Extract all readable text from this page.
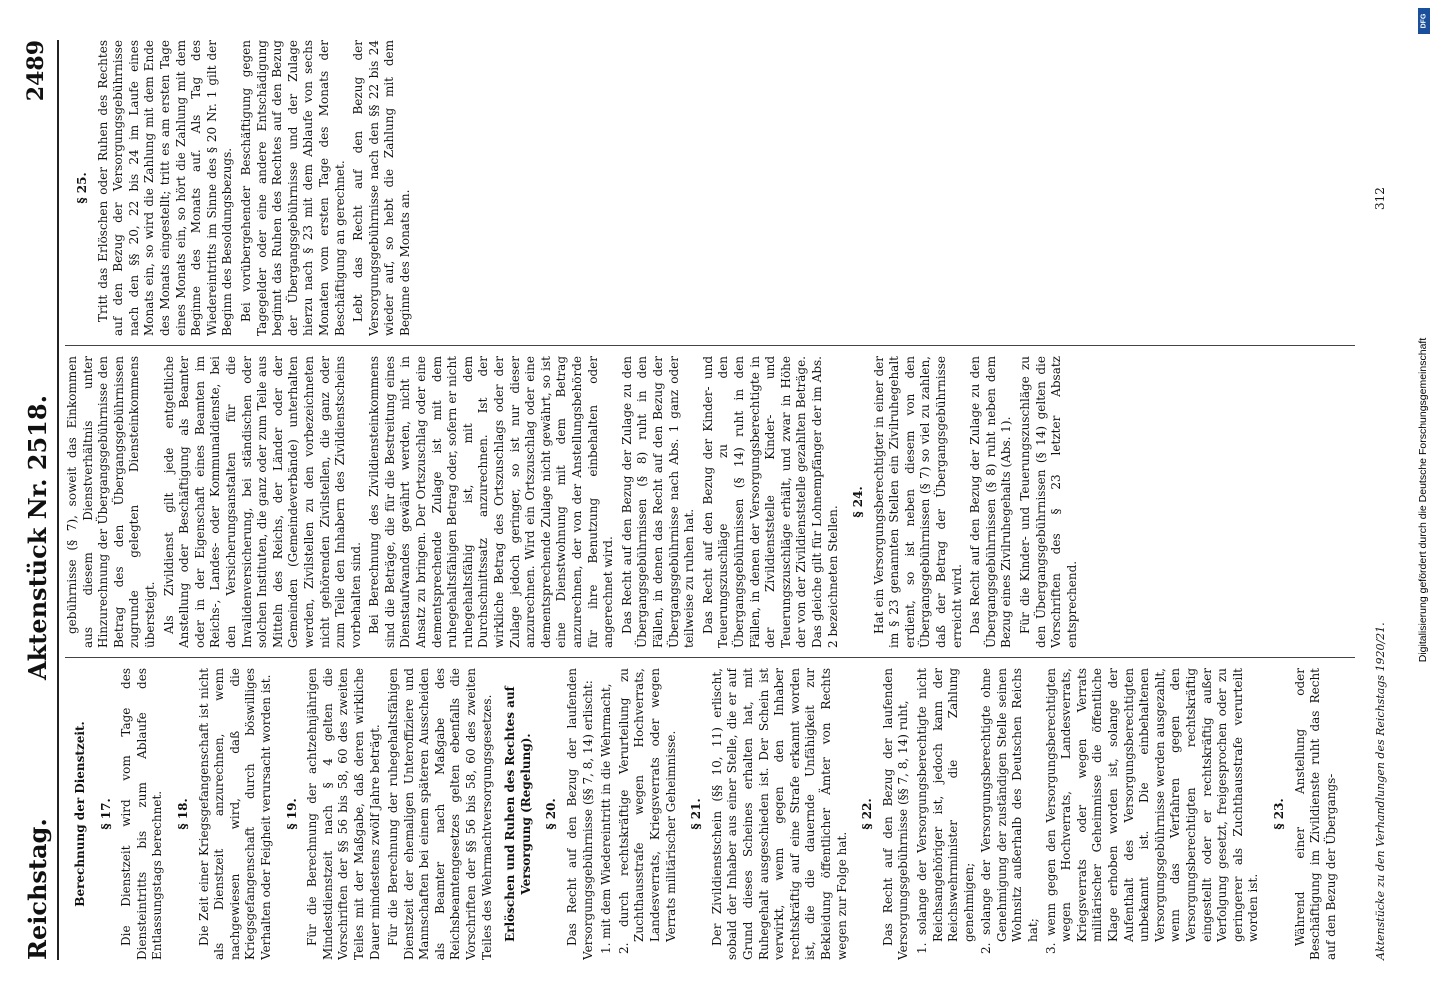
Reichstag.
Aktenstück Nr. 2518.
2489
Berechnung der Dienstzeit. § 17. Die Dienstzeit wird vom Tage des Diensteintritts bis zum Ablaufe des Entlassungstags berechnet. § 18. Die Zeit einer Kriegsgefangenschaft ist nicht als Dienstzeit anzurechnen, wenn nachgewiesen wird, daß die Kriegsgefangenschaft durch böswilliges Verhalten oder Feigheit verursacht worden ist. § 19. Für die Berechnung der achtzehnjährigen Mindestdienstzeit nach § 4 gelten die Vorschriften der §§ 56 bis 58, 60 des zweiten Teiles mit der Maßgabe, daß deren wirkliche Dauer mindestens zwölf Jahre beträgt. Für die Berechnung der ruhegehaltsfähigen Dienstzeit der ehemaligen Unteroffiziere und Mannschaften bei einem späteren Ausscheiden als Beamter nach Maßgabe des Reichsbeamtengesetzes gelten ebenfalls die Vorschriften der §§ 56 bis 58, 60 des zweiten Teiles des Wehrmachtversorgungsgesetzes. Erlöschen und Ruhen des Rechtes auf Versorgung (Regelung). § 20. Das Recht auf den Bezug der laufenden Versorgungsgebührnisse (§§ 7, 8, 14) erlischt: 1. mit dem Wiedereintritt in die Wehrmacht, 2. durch rechtskräftige Verurteilung zu Zuchthausstrafe wegen Hochverrats, Landesverrats, Kriegsverrats oder wegen Verrats militärischer Geheimnisse. § 21. Der Zivildienstschein (§§ 10, 11) erlischt, sobald der Inhaber aus einer Stelle, die er auf Grund dieses Scheines erhalten hat, mit Ruhegehalt ausgeschieden ist. Der Schein ist verwirkt, wenn gegen den Inhaber rechtskräftig auf eine Strafe erkannt worden ist, die die dauernde Unfähigkeit zur Bekleidung öffentlicher Ämter von Rechts wegen zur Folge hat.

§ 22. Das Recht auf den Bezug der laufenden Versorgungsgebührnisse (§§ 7, 8, 14) ruht, 1. solange der Versorgungsberechtigte nicht Reichsangehöriger ist, jedoch kann der Reichswehrminister die Zahlung genehmigen; 2. solange der Versorgungsberechtigte ohne Genehmigung der zuständigen Stelle seinen Wohnsitz außerhalb des Deutschen Reichs hat; 3. wenn gegen den Versorgungsberechtigten wegen Hochverrats, Landesverrats, Kriegsverrats oder wegen Verrats militärischer Geheimnisse die öffentliche Klage erhoben worden ist, solange der Aufenthalt des Versorgungsberechtigten unbekannt ist. Die einbehaltenen Versorgungsgebührnisse werden ausgezahlt, wenn das Verfahren gegen den Versorgungsberechtigten rechtskräftig eingestellt oder er rechtskräftig außer Verfolgung gesetzt, freigesprochen oder zu geringerer als Zuchthausstrafe verurteilt worden ist.

§ 23. Während einer Anstellung oder Beschäftigung im Zivildienste ruht das Recht auf den Bezug der Übergangs-

gebührnisse (§ 7), soweit das Einkommen aus diesem Dienstverhältnis unter Hinzurechnung der Übergangsgebührnisse den Betrag des den Übergangsgebührnissen zugrunde gelegten Diensteinkommens übersteigt. Als Zivildienst gilt jede entgeltliche Anstellung oder Beschäftigung als Beamter oder in der Eigenschaft eines Beamten im Reichs-, Landes- oder Kommunaldienste, bei den Versicherungsanstalten für die Invalidenversicherung, bei ständischen oder solchen Instituten, die ganz oder zum Teile aus Mitteln des Reichs, der Länder oder der Gemeinden (Gemeindeverbände) unterhalten werden, Zivilstellen zu den vorbezeichneten nicht gehörenden Zivilstellen, die ganz oder zum Teile den Inhabern des Zivildienstscheins vorbehalten sind. Bei Berechnung des Zivildiensteinkommens sind die Beträge, die für die Bestreitung eines Dienstaufwandes gewährt werden, nicht in Ansatz zu bringen. Der Ortszuschlag oder eine dementsprechende Zulage ist mit dem ruhegehaltsfähigen Betrag oder, sofern er nicht ruhegehaltsfähig ist, mit dem Durchschnittssatz anzurechnen. Ist der wirkliche Betrag des Ortszuschlags oder der Zulage jedoch geringer, so ist nur dieser anzurechnen. Wird ein Ortszuschlag oder eine dementsprechende Zulage nicht gewährt, so ist eine Dienstwohnung mit dem Betrag anzurechnen, der von der Anstellungsbehörde für ihre Benutzung einbehalten oder angerechnet wird. Das Recht auf den Bezug der Zulage zu den Übergangsgebührnissen (§ 8) ruht in den Fällen, in denen das Recht auf den Bezug der Übergangsgebührnisse nach Abs. 1 ganz oder teilweise zu ruhen hat. Das Recht auf den Bezug der Kinder- und Teuerungszuschläge zu den Übergangsgebührnissen (§ 14) ruht in den Fällen, in denen der Versorgungsberechtigte in der Zivildienststelle Kinder- und Teuerungszuschläge erhält, und zwar in Höhe der von der Zivildienststelle gezahlten Beträge. Das gleiche gilt für Lohnempfänger der im Abs. 2 bezeichneten Stellen.

§ 24. Hat ein Versorgungsberechtigter in einer der im § 23 genannten Stellen ein Zivilruhegehalt erdient, so ist neben diesem von den Übergangsgebührnissen (§ 7) so viel zu zahlen, daß der Betrag der Übergangsgebührnisse erreicht wird. Das Recht auf den Bezug der Zulage zu den Übergangsgebührnissen (§ 8) ruht neben dem Bezug eines Zivilruhegehalts (Abs. 1). Für die Kinder- und Teuerungszuschläge zu den Übergangsgebührnissen (§ 14) gelten die Vorschriften des § 23 letzter Absatz entsprechend.

§ 25. Tritt das Erlöschen oder Ruhen des Rechtes auf den Bezug der Versorgungsgebührnisse nach den §§ 20, 22 bis 24 im Laufe eines Monats ein, so wird die Zahlung mit dem Ende des Monats eingestellt; tritt es am ersten Tage eines Monats ein, so hört die Zahlung mit dem Beginne des Monats auf. Als Tag des Wiedereintritts im Sinne des § 20 Nr. 1 gilt der Beginn des Besoldungsbezugs. Bei vorübergehender Beschäftigung gegen Tagegelder oder eine andere Entschädigung beginnt das Ruhen des Rechtes auf den Bezug der Übergangsgebührnisse und der Zulage hierzu nach § 23 mit dem Ablaufe von sechs Monaten vom ersten Tage des Monats der Beschäftigung an gerechnet. Lebt das Recht auf den Bezug der Versorgungsgebührnisse nach den §§ 22 bis 24 wieder auf, so hebt die Zahlung mit dem Beginne des Monats an.

Aktenstücke zu den Verhandlungen des Reichstags 1920/21.
312
Digitalisierung gefördert durch die Deutsche Forschungsgemeinschaft
DFG
